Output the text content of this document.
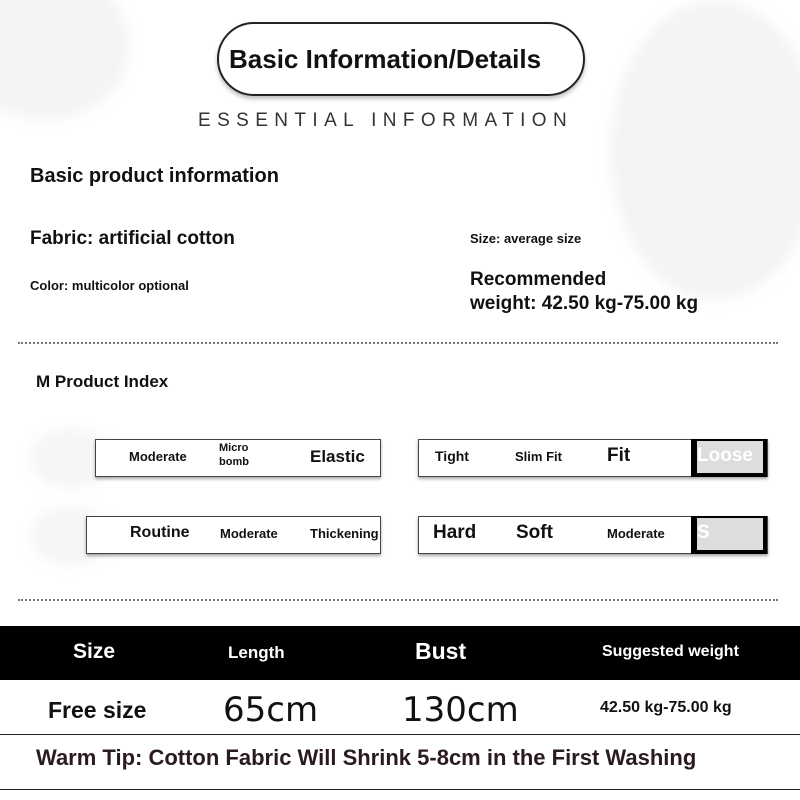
Basic Information/Details
ESSENTIAL INFORMATION
Basic product information
Fabric: artificial cotton	Size: average size
Color: multicolor optional	Recommended
weight: 42.50 kg-75.00 kg
M Product Index
Moderate
Micro
bomb	Elastic	Tight	Slim Fit Fit	Loose
Routine Moderate Thickening	Hard Soft	Moderate S
Size	Length	Bust	Suggested weight
Free size 65cm 130cm	42.50 kg-75.00 kg
Warm Tip: Cotton Fabric Will Shrink 5-8cm in the First Washing
